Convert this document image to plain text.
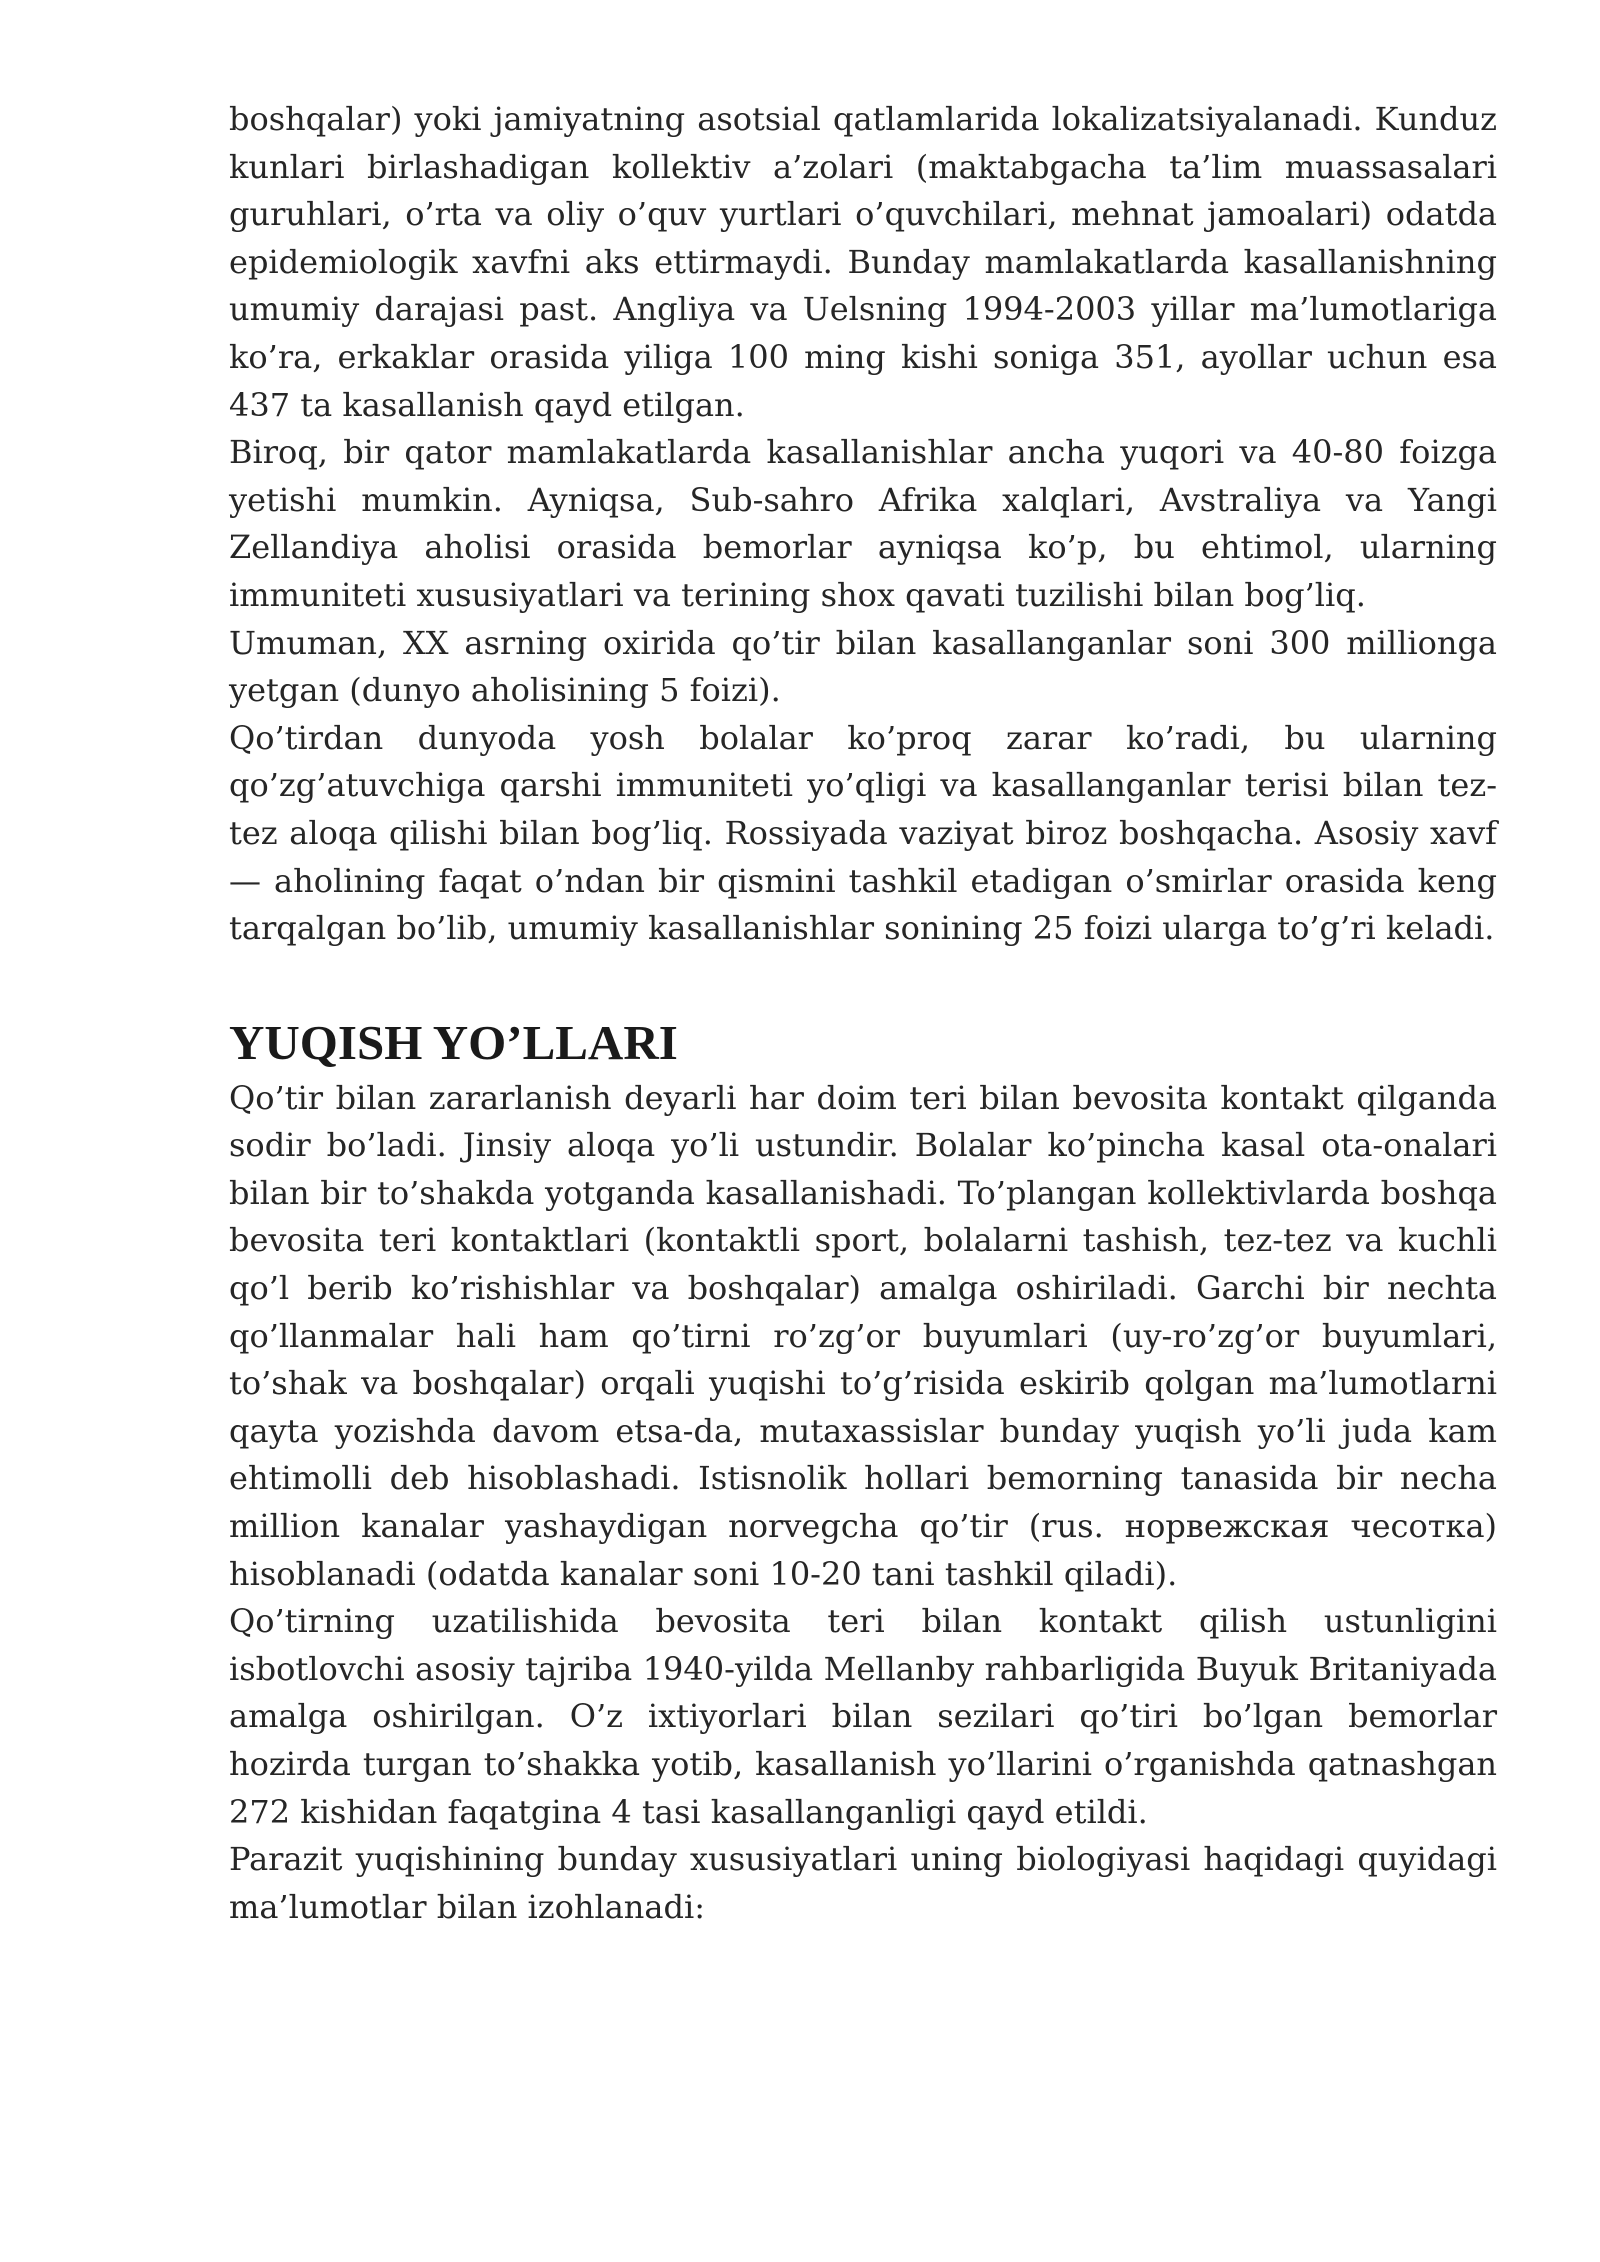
boshqalar) yoki jamiyatning asotsial qatlamlarida lokalizatsiyalanadi. Kunduz kunlari birlashadigan kollektiv a’zolari (maktabgacha ta’lim muassasalari guruhlari, o’rta va oliy o’quv yurtlari o’quvchilari, mehnat jamoalari) odatda epidemiologik xavfni aks ettirmaydi. Bunday mamlakatlarda kasallanishning umumiy darajasi past. Angliya va Uelsning 1994-2003 yillar ma’lumotlariga ko’ra, erkaklar orasida yiliga 100 ming kishi soniga 351, ayollar uchun esa 437 ta kasallanish qayd etilgan.

Biroq, bir qator mamlakatlarda kasallanishlar ancha yuqori va 40-80 foizga yetishi mumkin. Ayniqsa, Sub-sahro Afrika xalqlari, Avstraliya va Yangi Zellandiya aholisi orasida bemorlar ayniqsa ko’p, bu ehtimol, ularning immuniteti xususiyatlari va terining shox qavati tuzilishi bilan bog’liq.

Umuman, XX asrning oxirida qo’tir bilan kasallanganlar soni 300 millionga yetgan (dunyo aholisining 5 foizi).

Qo’tirdan dunyoda yosh bolalar ko’proq zarar ko’radi, bu ularning qo’zg’atuvchiga qarshi immuniteti yo’qligi va kasallanganlar terisi bilan tez-tez aloqa qilishi bilan bog’liq. Rossiyada vaziyat biroz boshqacha. Asosiy xavf — aholining faqat o’ndan bir qismini tashkil etadigan o’smirlar orasida keng tarqalgan bo’lib, umumiy kasallanishlar sonining 25 foizi ularga to’g’ri keladi.

YUQISH YO’LLARI

Qo’tir bilan zararlanish deyarli har doim teri bilan bevosita kontakt qilganda sodir bo’ladi. Jinsiy aloqa yo’li ustundir. Bolalar ko’pincha kasal ota-onalari bilan bir to’shakda yotganda kasallanishadi. To’plangan kollektivlarda boshqa bevosita teri kontaktlari (kontaktli sport, bolalarni tashish, tez-tez va kuchli qo’l berib ko’rishishlar va boshqalar) amalga oshiriladi. Garchi bir nechta qo’llanmalar hali ham qo’tirni ro’zg’or buyumlari (uy-ro’zg’or buyumlari, to’shak va boshqalar) orqali yuqishi to’g’risida eskirib qolgan ma’lumotlarni qayta yozishda davom etsa-da, mutaxassislar bunday yuqish yo’li juda kam ehtimolli deb hisoblashadi. Istisnolik hollari bemorning tanasida bir necha million kanalar yashaydigan norvegcha qo’tir (rus. норвежская чесотка) hisoblanadi (odatda kanalar soni 10-20 tani tashkil qiladi).

Qo’tirning uzatilishida bevosita teri bilan kontakt qilish ustunligini isbotlovchi asosiy tajriba 1940-yilda Mellanby rahbarligida Buyuk Britaniyada amalga oshirilgan. O’z ixtiyorlari bilan sezilari qo’tiri bo’lgan bemorlar hozirda turgan to’shakka yotib, kasallanish yo’llarini o’rganishda qatnashgan 272 kishidan faqatgina 4 tasi kasallanganligi qayd etildi.

Parazit yuqishining bunday xususiyatlari uning biologiyasi haqidagi quyidagi ma’lumotlar bilan izohlanadi:
